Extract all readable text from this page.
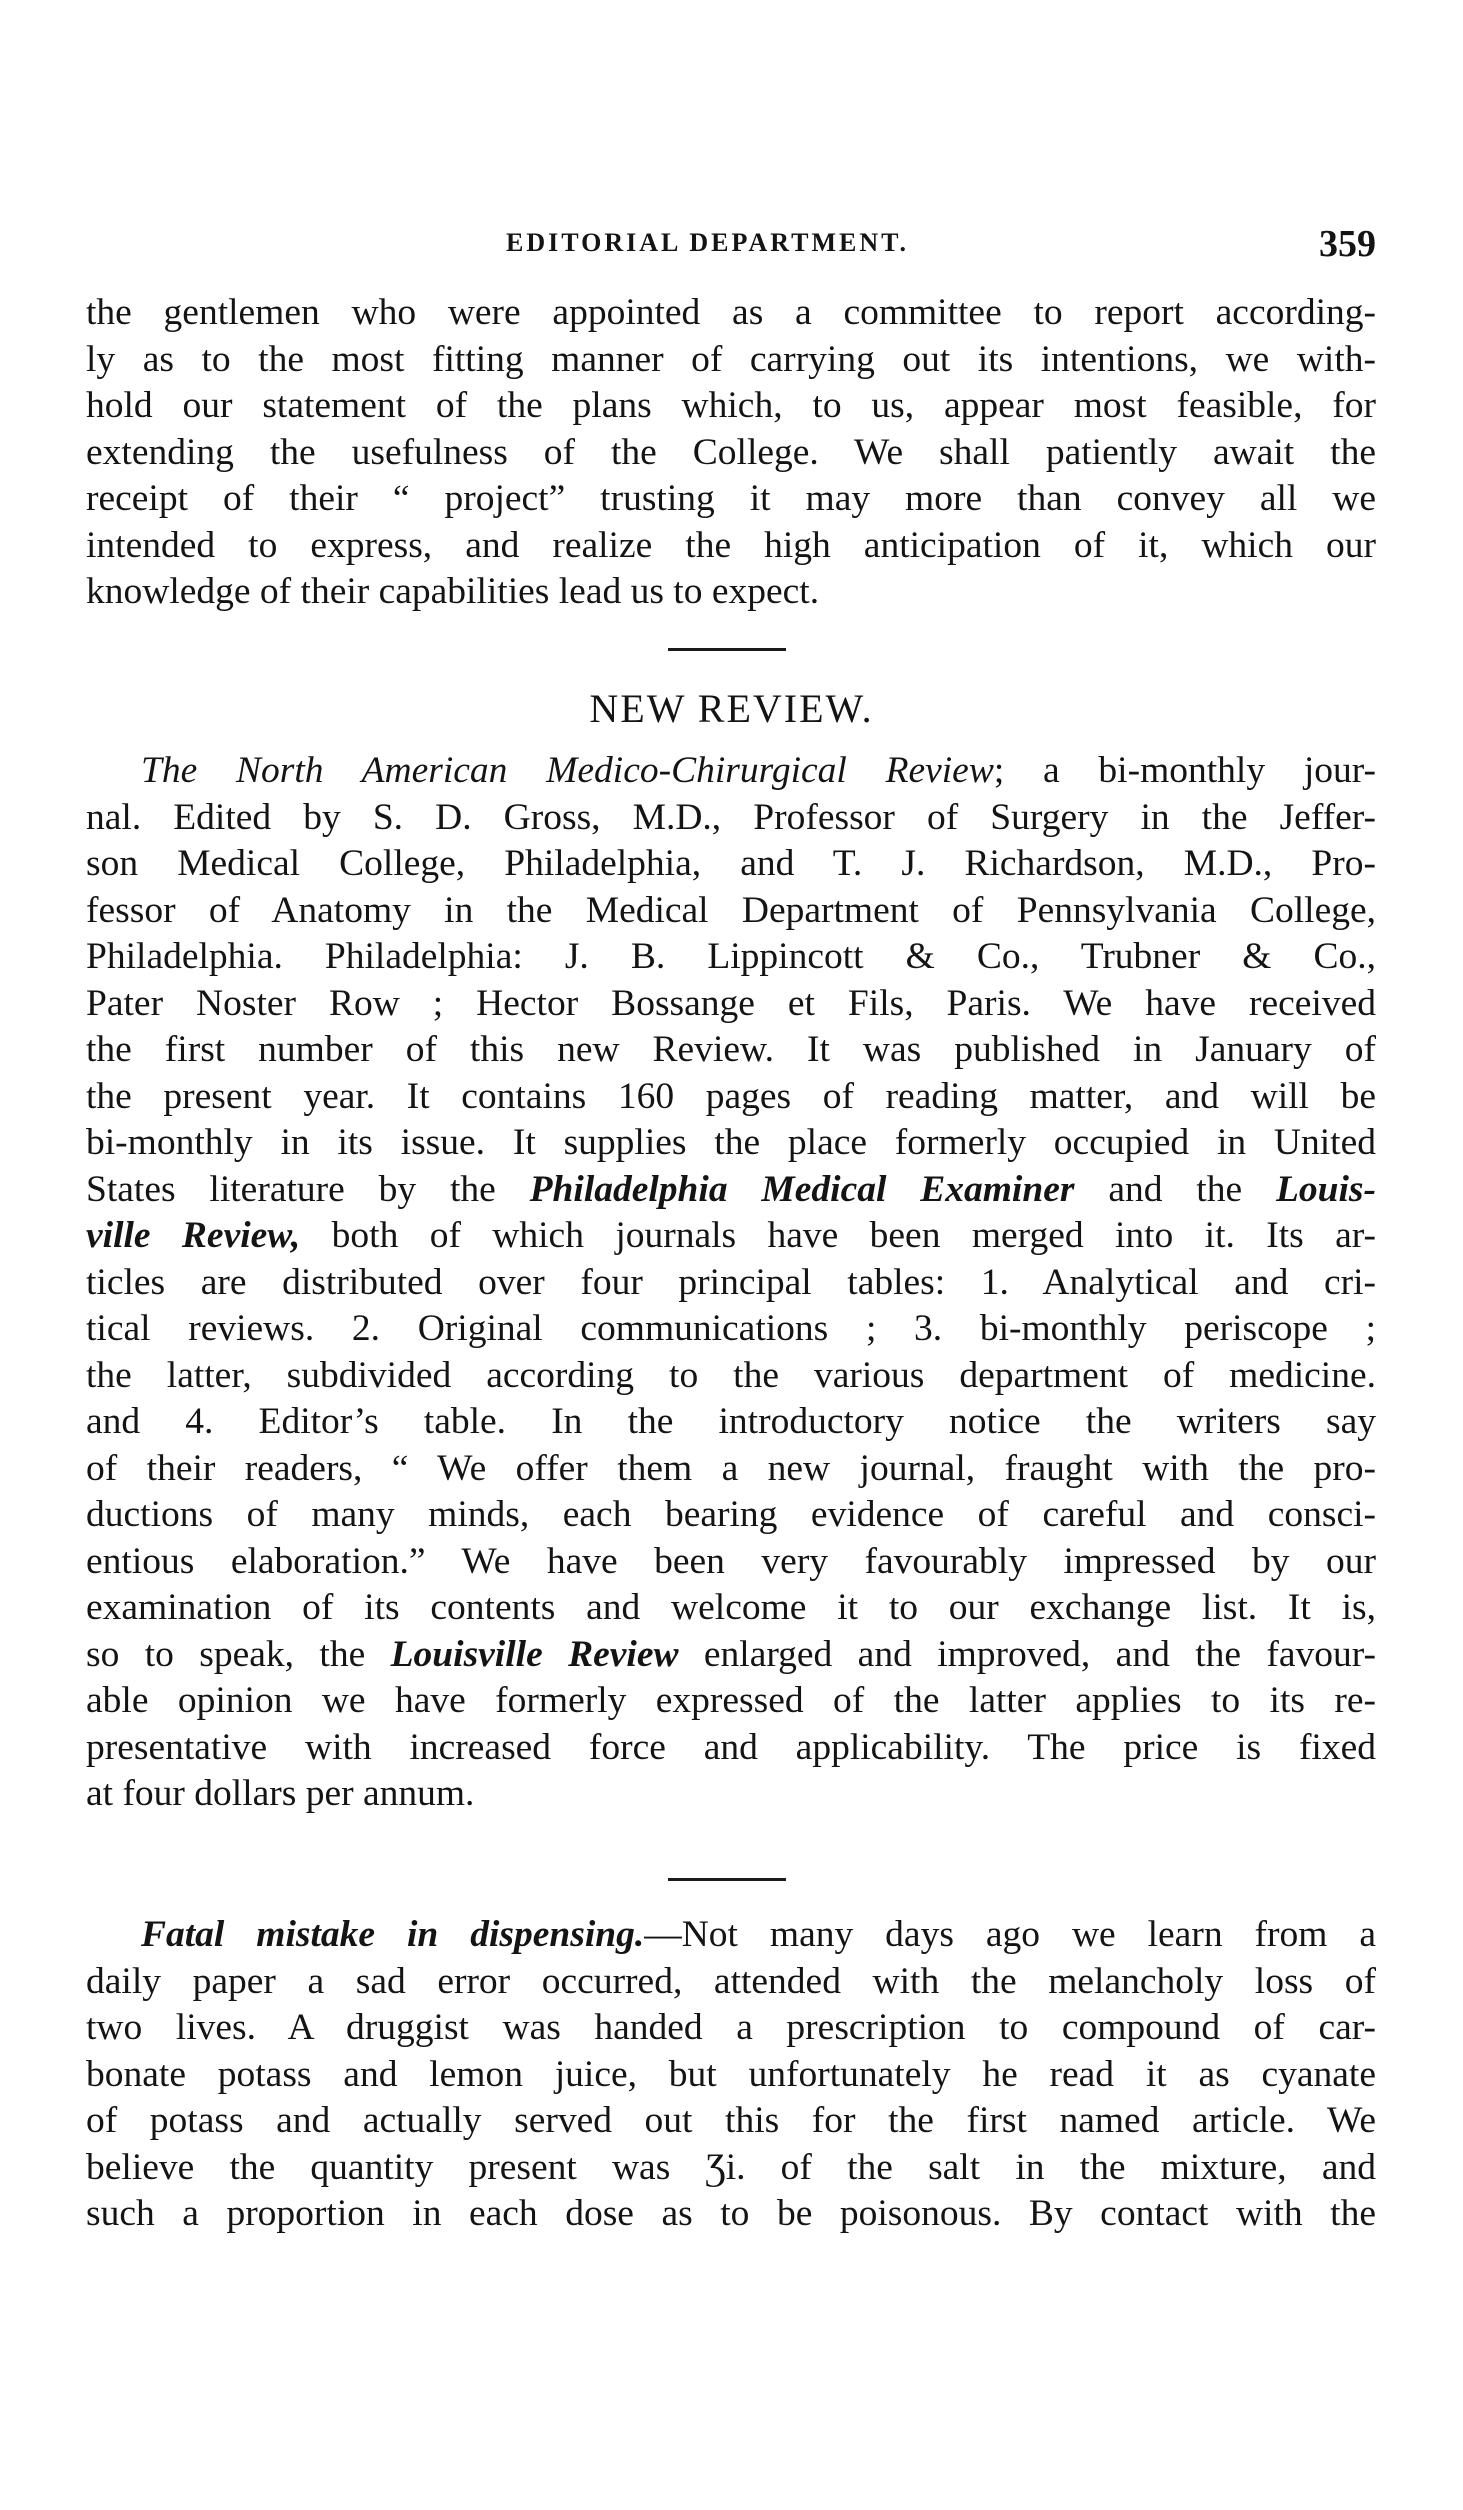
EDITORIAL DEPARTMENT.	359
the gentlemen who were appointed as a committee to report according-
ly as to the most fitting manner of carrying out its intentions, we with-
hold our statement of the plans which, to us, appear most feasible, for
extending the usefulness of the College. We shall patiently await the
receipt of their “ project” trusting it may more than convey all we
intended to express, and realize the high anticipation of it, which our
knowledge of their capabilities lead us to expect.
NEW REVIEW.
The North American Medico-Chirurgical Review; a bi-monthly jour-
nal. Edited by S. D. Gross, M.D., Professor of Surgery in the Jeffer-
son Medical College, Philadelphia, and T. J. Richardson, M.D., Pro-
fessor of Anatomy in the Medical Department of Pennsylvania College,
Philadelphia. Philadelphia: J. B. Lippincott & Co., Trubner & Co.,
Pater Noster Row ; Hector Bossange et Fils, Paris. We have received
the first number of this new Review. It was published in January of
the present year. It contains 160 pages of reading matter, and will be
bi-monthly in its issue. It supplies the place formerly occupied in United
States literature by the Philadelphia Medical Examiner and the Louis-
ville Review, both of which journals have been merged into it. Its ar-
ticles are distributed over four principal tables: 1. Analytical and cri-
tical reviews. 2. Original communications ; 3. bi-monthly periscope ;
the latter, subdivided according to the various department of medicine.
and 4. Editor’s table. In the introductory notice the writers say
of their readers, “ We offer them a new journal, fraught with the pro-
ductions of many minds, each bearing evidence of careful and consci-
entious elaboration.” We have been very favourably impressed by our
examination of its contents and welcome it to our exchange list. It is,
so to speak, the Louisville Review enlarged and improved, and the favour-
able opinion we have formerly expressed of the latter applies to its re-
presentative with increased force and applicability. The price is fixed
at four dollars per annum.
Fatal mistake in dispensing.—Not many days ago we learn from a
daily paper a sad error occurred, attended with the melancholy loss of
two lives. A druggist was handed a prescription to compound of car-
bonate potass and lemon juice, but unfortunately he read it as cyanate
of potass and actually served out this for the first named article. We
believe the quantity present was Ʒi. of the salt in the mixture, and
such a proportion in each dose as to be poisonous. By contact with the
